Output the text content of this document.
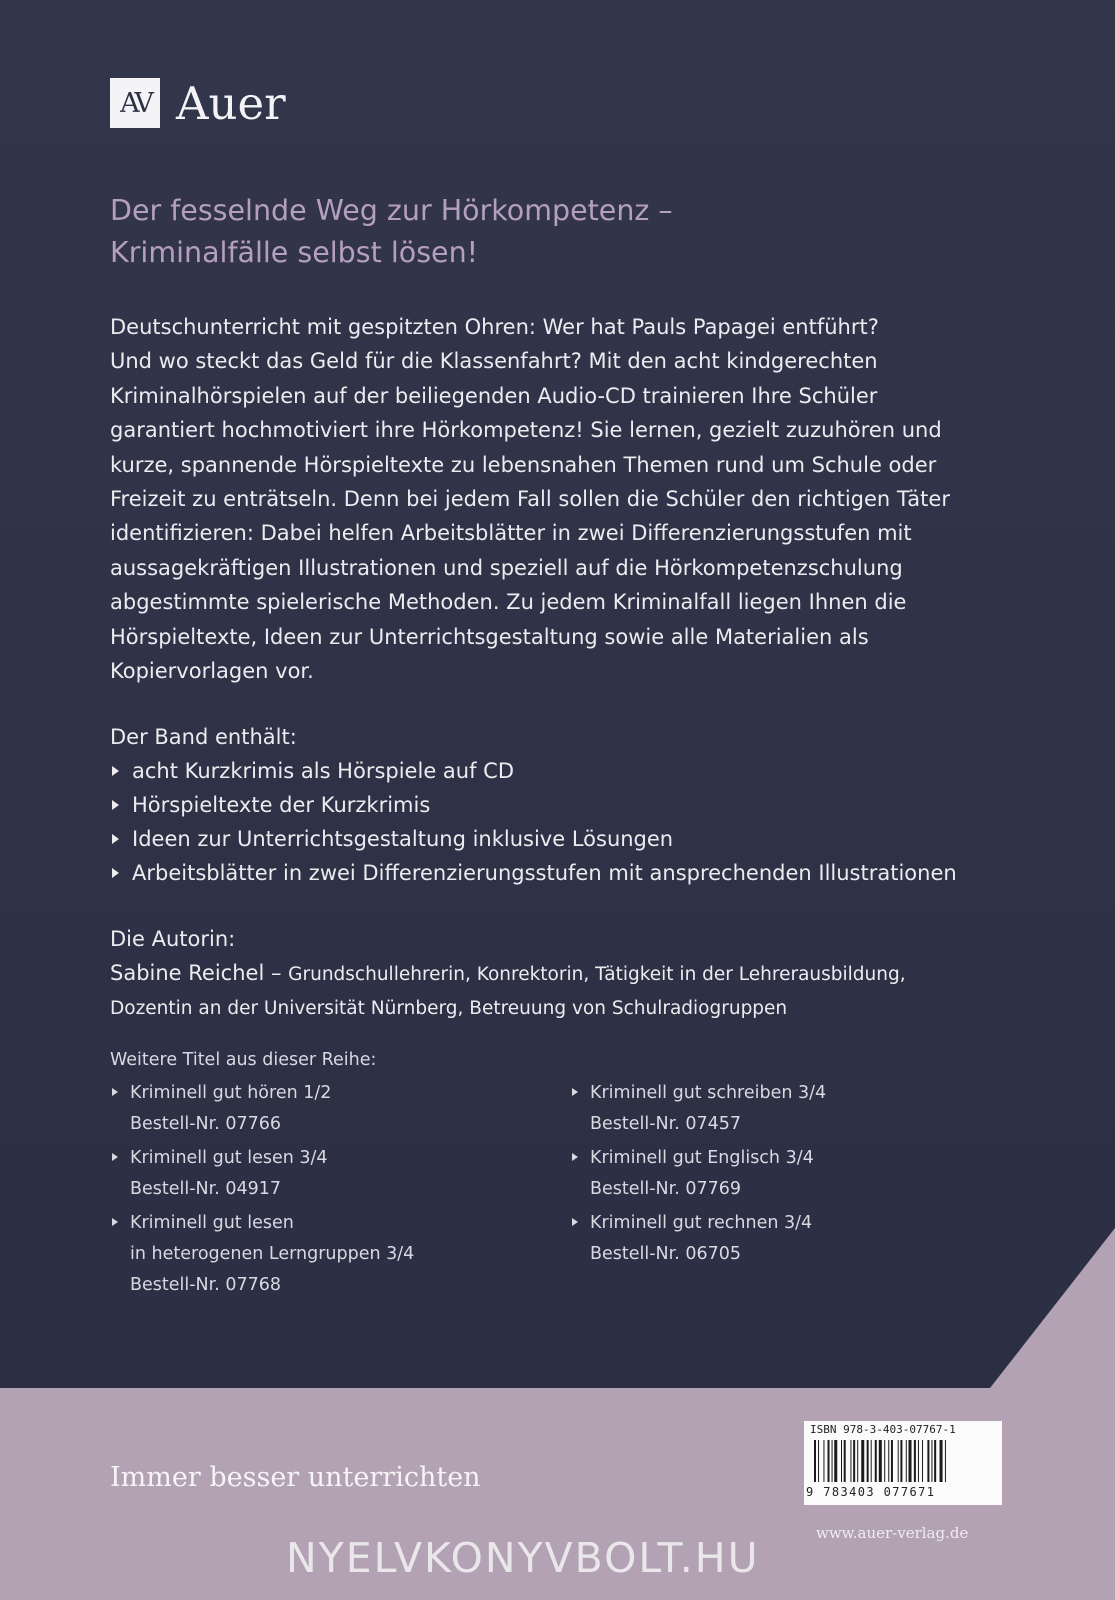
AV Auer
Der fesselnde Weg zur Hörkompetenz –
Kriminalfälle selbst lösen!
Deutschunterricht mit gespitzten Ohren: Wer hat Pauls Papagei entführt?
Und wo steckt das Geld für die Klassenfahrt? Mit den acht kindgerechten
Kriminalhörspielen auf der beiliegenden Audio-CD trainieren Ihre Schüler
garantiert hochmotiviert ihre Hörkompetenz! Sie lernen, gezielt zuzuhören und
kurze, spannende Hörspieltexte zu lebensnahen Themen rund um Schule oder
Freizeit zu enträtseln. Denn bei jedem Fall sollen die Schüler den richtigen Täter
identifizieren: Dabei helfen Arbeitsblätter in zwei Differenzierungsstufen mit
aussagekräftigen Illustrationen und speziell auf die Hörkompetenzschulung
abgestimmte spielerische Methoden. Zu jedem Kriminalfall liegen Ihnen die
Hörspieltexte, Ideen zur Unterrichtsgestaltung sowie alle Materialien als
Kopiervorlagen vor.
Der Band enthält:
acht Kurzkrimis als Hörspiele auf CD
Hörspieltexte der Kurzkrimis
Ideen zur Unterrichtsgestaltung inklusive Lösungen
Arbeitsblätter in zwei Differenzierungsstufen mit ansprechenden Illustrationen
Die Autorin:
Sabine Reichel – Grundschullehrerin, Konrektorin, Tätigkeit in der Lehrerausbildung,
Dozentin an der Universität Nürnberg, Betreuung von Schulradiogruppen
Weitere Titel aus dieser Reihe:
Kriminell gut hören 1/2
Bestell-Nr. 07766
Kriminell gut lesen 3/4
Bestell-Nr. 04917
Kriminell gut lesen
in heterogenen Lerngruppen 3/4
Bestell-Nr. 07768
Kriminell gut schreiben 3/4
Bestell-Nr. 07457
Kriminell gut Englisch 3/4
Bestell-Nr. 07769
Kriminell gut rechnen 3/4
Bestell-Nr. 06705
Immer besser unterrichten
ISBN 978-3-403-07767-1
9 783403 077671
www.auer-verlag.de
NYELVKONYVBOLT.HU
